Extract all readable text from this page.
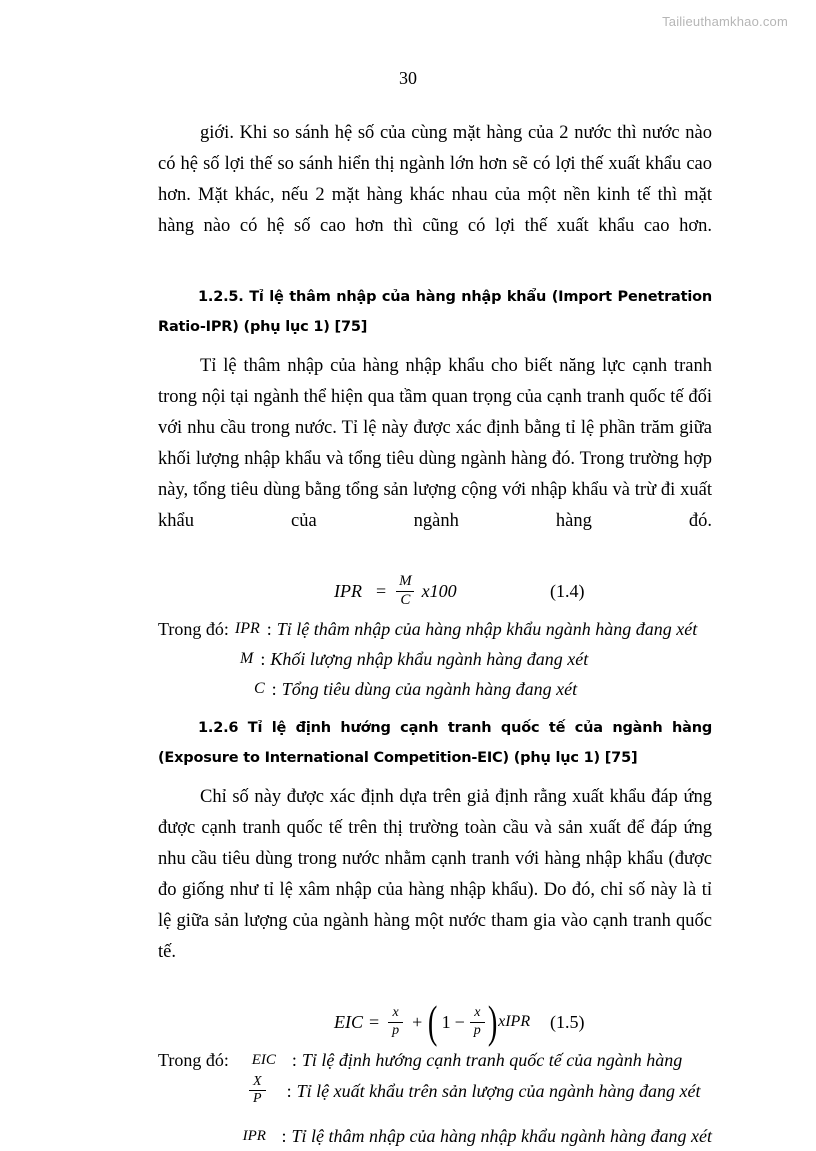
Tailieuthamkhao.com
30

giới. Khi so sánh hệ số của cùng mặt hàng của 2 nước thì nước nào có hệ số lợi thế so sánh hiển thị ngành lớn hơn sẽ có lợi thế xuất khẩu cao hơn. Mặt khác, nếu 2 mặt hàng khác nhau của một nền kinh tế thì mặt hàng nào có hệ số cao hơn thì cũng có lợi thế xuất khẩu cao hơn.

1.2.5. Tỉ lệ thâm nhập của hàng nhập khẩu (Import Penetration Ratio-IPR) (phụ lục 1) [75]

Tỉ lệ thâm nhập của hàng nhập khẩu cho biết năng lực cạnh tranh trong nội tại ngành thể hiện qua tầm quan trọng của cạnh tranh quốc tế đối với nhu cầu trong nước. Tỉ lệ này được xác định bằng tỉ lệ phần trăm giữa khối lượng nhập khẩu và tổng tiêu dùng ngành hàng đó. Trong trường hợp này, tổng tiêu dùng bằng tổng sản lượng cộng với nhập khẩu và trừ đi xuất khẩu của ngành hàng đó.

IPR = $\frac{M}{C} x100$	(1.4)
Trong đó: IPR : Tỉ lệ thâm nhập của hàng nhập khẩu ngành hàng đang xét
M : Khối lượng nhập khẩu ngành hàng đang xét
C : Tổng tiêu dùng của ngành hàng đang xét
1.2.6 Tỉ lệ định hướng cạnh tranh quốc tế của ngành hàng (Exposure to International Competition-EIC) (phụ lục 1) [75]

Chỉ số này được xác định dựa trên giả định rằng xuất khẩu đáp ứng được cạnh tranh quốc tế trên thị trường toàn cầu và sản xuất để đáp ứng nhu cầu tiêu dùng trong nước nhằm cạnh tranh với hàng nhập khẩu (được đo giống như tỉ lệ xâm nhập của hàng nhập khẩu). Do đó, chỉ số này là tỉ lệ giữa sản lượng của ngành hàng một nước tham gia vào cạnh tranh quốc tế.

EIC = $\frac{x}{p}$ + ( $1 - \frac{x}{p}$ ) xIPR (1.5)
Trong đó:	EIC : Tỉ lệ định hướng cạnh tranh quốc tế của ngành hàng
$\frac{X}{P}$	: Tỉ lệ xuất khẩu trên sản lượng của ngành hàng đang xét
IPR : Tỉ lệ thâm nhập của hàng nhập khẩu ngành hàng đang xét
